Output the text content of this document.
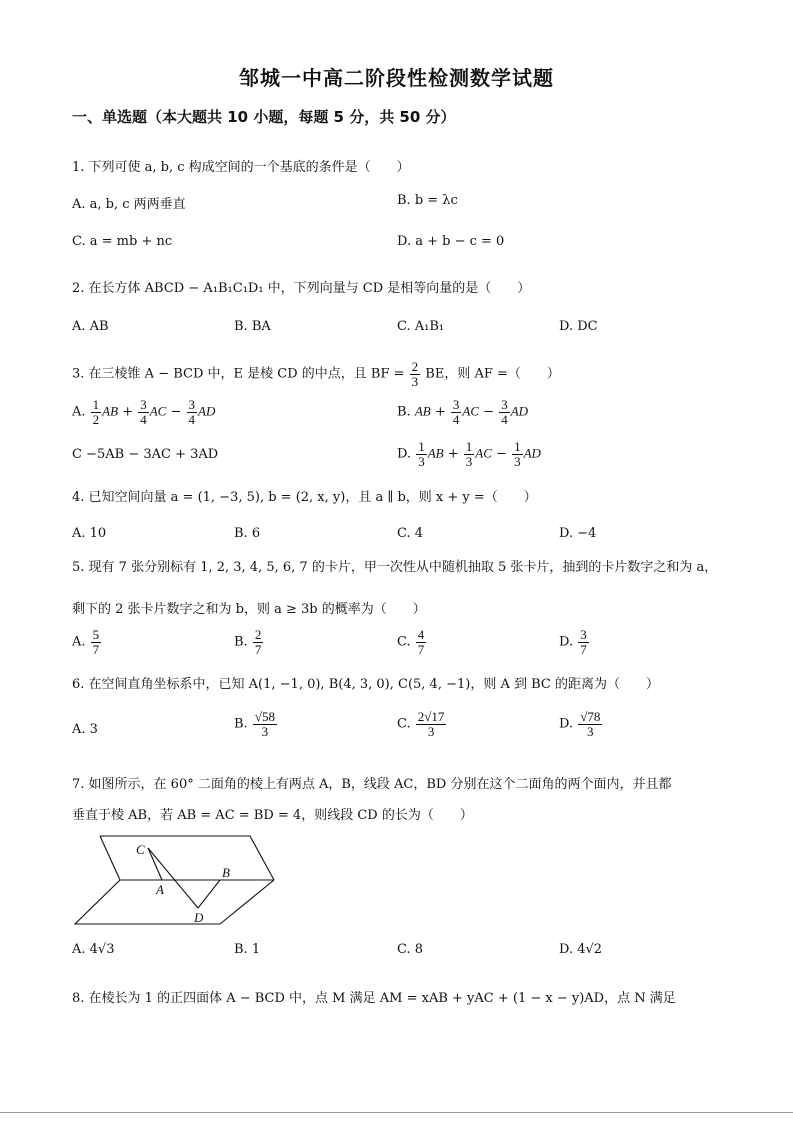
邹城一中高二阶段性检测数学试题
一、单选题（本大题共 10 小题，每题 5 分，共 50 分）
1. 下列可使 a, b, c 构成空间的一个基底的条件是（　　）
A. a, b, c 两两垂直	B. b = λc
C. a = mb + nc	D. a + b − c = 0
2. 在长方体 ABCD − A₁B₁C₁D₁ 中，下列向量与 CD 是相等向量的是（　　）
A. AB	B. BA	C. A₁B₁	D. DC
3. 在三棱锥 A − BCD 中，E 是棱 CD 的中点，且 BF = $\frac{2}{3}$ BE，则 AF =（　　）
A. $\frac{1}{2}$ AB + $\frac{3}{4}$ AC − $\frac{3}{4}$ AD	B. AB + $\frac{3}{4}$ AC − $\frac{3}{4}$ AD
C −5AB − 3AC + 3AD	D. $\frac{1}{3}$ AB + $\frac{1}{3}$ AC − $\frac{1}{3}$ AD
4. 已知空间向量 a = (1, −3, 5), b = (2, x, y)，且 a ∥ b，则 x + y =（　　）
A. 10	B. 6	C. 4	D. −4
5. 现有 7 张分别标有 1, 2, 3, 4, 5, 6, 7 的卡片，甲一次性从中随机抽取 5 张卡片，抽到的卡片数字之和为 a，
剩下的 2 张卡片数字之和为 b，则 a ≥ 3b 的概率为（　　）
A. $\frac{5}{7}$	B. $\frac{2}{7}$	C. $\frac{4}{7}$	D. $\frac{3}{7}$
6. 在空间直角坐标系中，已知 A(1, −1, 0), B(4, 3, 0), C(5, 4, −1)，则 A 到 BC 的距离为（　　）
A. 3	B. $\frac{√58}{3}$	C. $\frac{2√17}{3}$	D. $\frac{√78}{3}$
7. 如图所示，在 60° 二面角的棱上有两点 A，B，线段 AC，BD 分别在这个二面角的两个面内，并且都
垂直于棱 AB，若 AB = AC = BD = 4，则线段 CD 的长为（　　）
C
A
B
D
A. 4√3	B. 1	C. 8	D. 4√2
8. 在棱长为 1 的正四面体 A − BCD 中，点 M 满足 AM = xAB + yAC + (1 − x − y)AD，点 N 满足
